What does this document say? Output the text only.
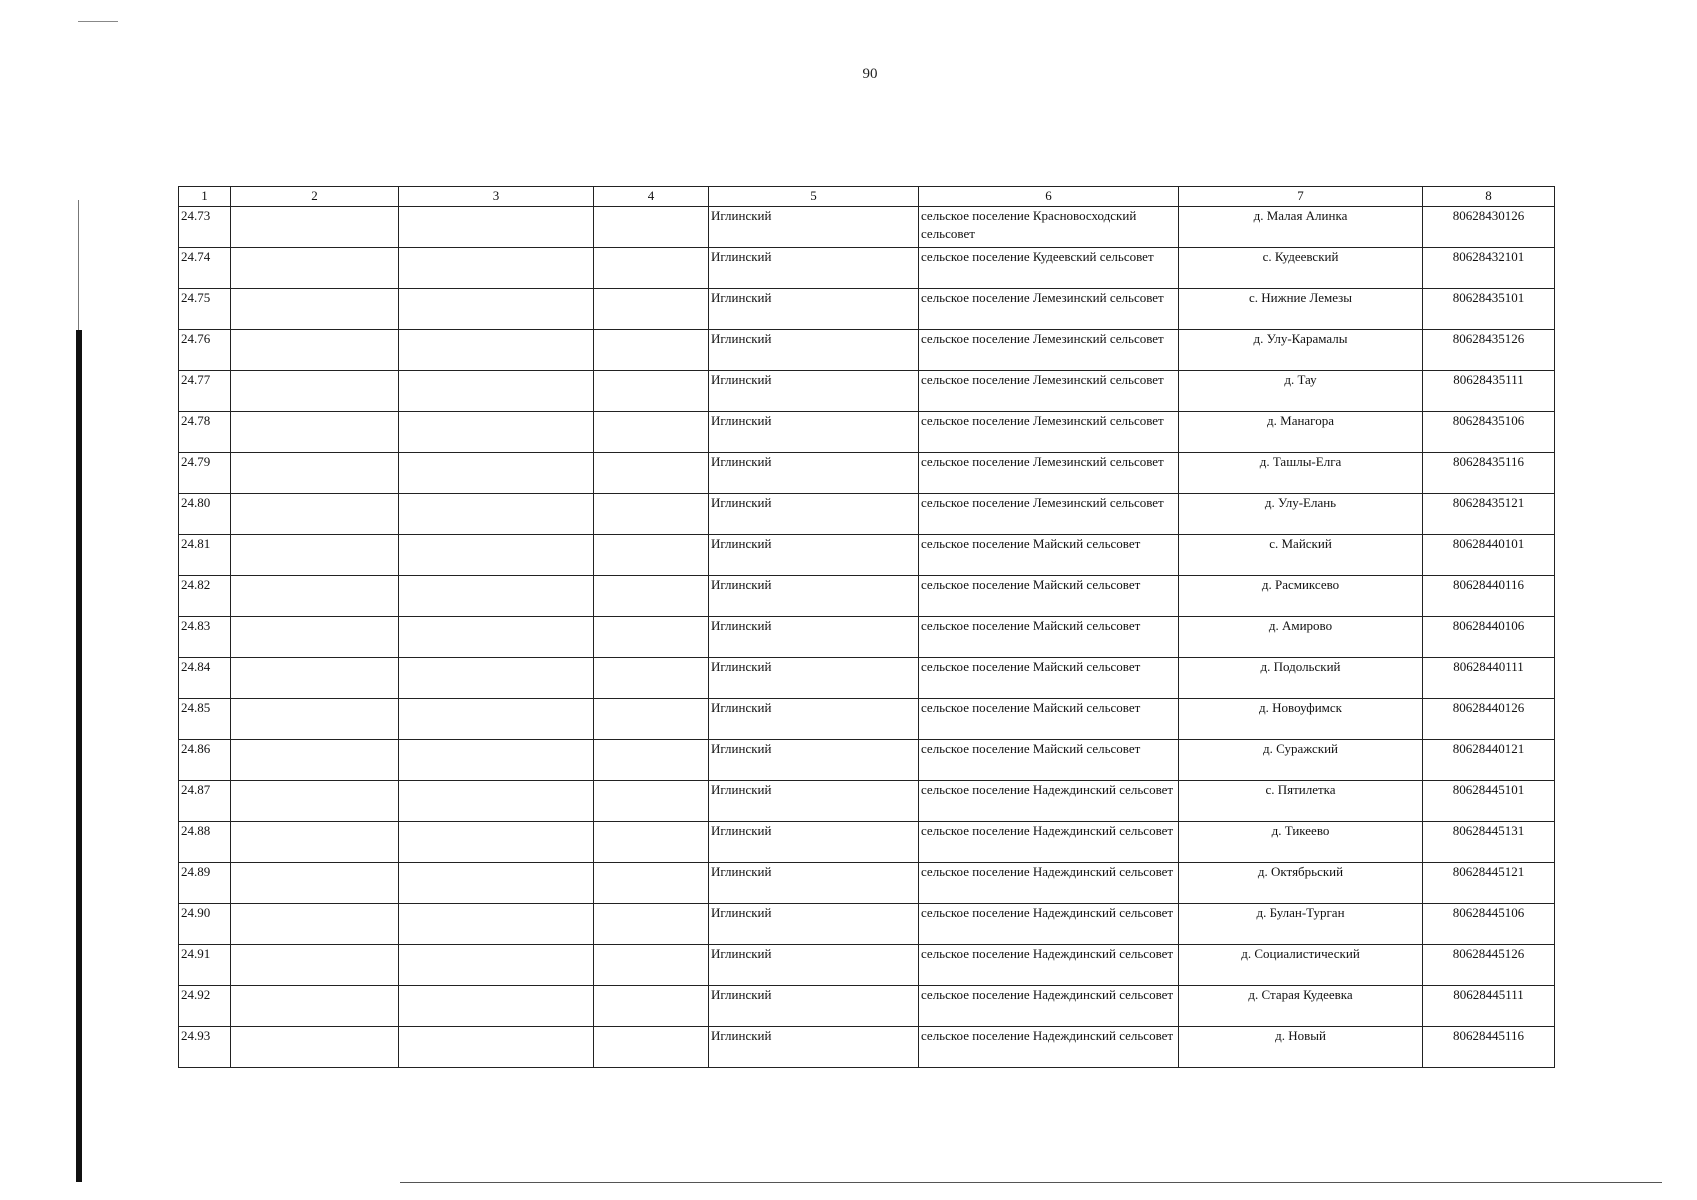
90
1	2	3	4	5	6	7	8
24.73				Иглинский	сельское поселение Красновосходский сельсовет	д. Малая Алинка	80628430126
24.74				Иглинский	сельское поселение Кудеевский сельсовет	с. Кудеевский	80628432101
24.75				Иглинский	сельское поселение Лемезинский сельсовет	с. Нижние Лемезы	80628435101
24.76				Иглинский	сельское поселение Лемезинский сельсовет	д. Улу-Карамалы	80628435126
24.77				Иглинский	сельское поселение Лемезинский сельсовет	д. Тау	80628435111
24.78				Иглинский	сельское поселение Лемезинский сельсовет	д. Манагора	80628435106
24.79				Иглинский	сельское поселение Лемезинский сельсовет	д. Ташлы-Елга	80628435116
24.80				Иглинский	сельское поселение Лемезинский сельсовет	д. Улу-Елань	80628435121
24.81				Иглинский	сельское поселение Майский сельсовет	с. Майский	80628440101
24.82				Иглинский	сельское поселение Майский сельсовет	д. Расмиксево	80628440116
24.83				Иглинский	сельское поселение Майский сельсовет	д. Амирово	80628440106
24.84				Иглинский	сельское поселение Майский сельсовет	д. Подольский	80628440111
24.85				Иглинский	сельское поселение Майский сельсовет	д. Новоуфимск	80628440126
24.86				Иглинский	сельское поселение Майский сельсовет	д. Суражский	80628440121
24.87				Иглинский	сельское поселение Надеждинский сельсовет	с. Пятилетка	80628445101
24.88				Иглинский	сельское поселение Надеждинский сельсовет	д. Тикеево	80628445131
24.89				Иглинский	сельское поселение Надеждинский сельсовет	д. Октябрьский	80628445121
24.90				Иглинский	сельское поселение Надеждинский сельсовет	д. Булан-Турган	80628445106
24.91				Иглинский	сельское поселение Надеждинский сельсовет	д. Социалистический	80628445126
24.92				Иглинский	сельское поселение Надеждинский сельсовет	д. Старая Кудеевка	80628445111
24.93				Иглинский	сельское поселение Надеждинский сельсовет	д. Новый	80628445116
